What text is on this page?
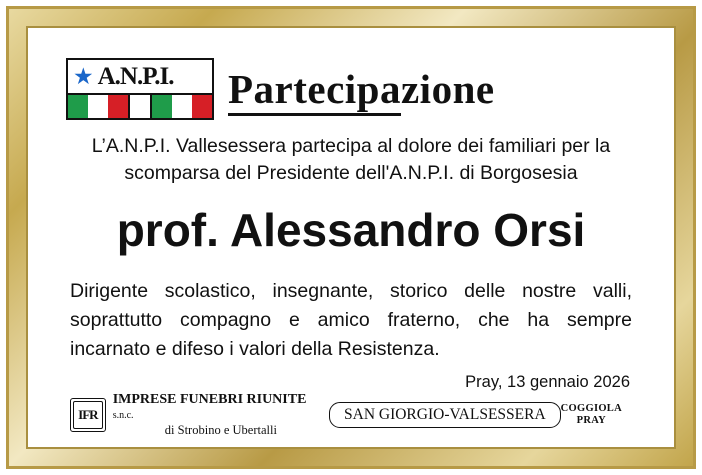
★ A.N.P.I. Partecipazione
L’A.N.P.I. Vallesessera partecipa al dolore dei familiari per la
scomparsa del Presidente dell'A.N.P.I. di Borgosesia
prof. Alessandro Orsi
Dirigente scolastico, insegnante, storico delle nostre valli,
soprattutto compagno e amico fraterno, che ha sempre
incarnato e difeso i valori della Resistenza.
Pray, 13 gennaio 2026
IFR
IMPRESE FUNEBRI RIUNITE s.n.c.
di Strobino e Ubertalli
SAN GIORGIO-VALSESSERA	COGGIOLA
PRAY
